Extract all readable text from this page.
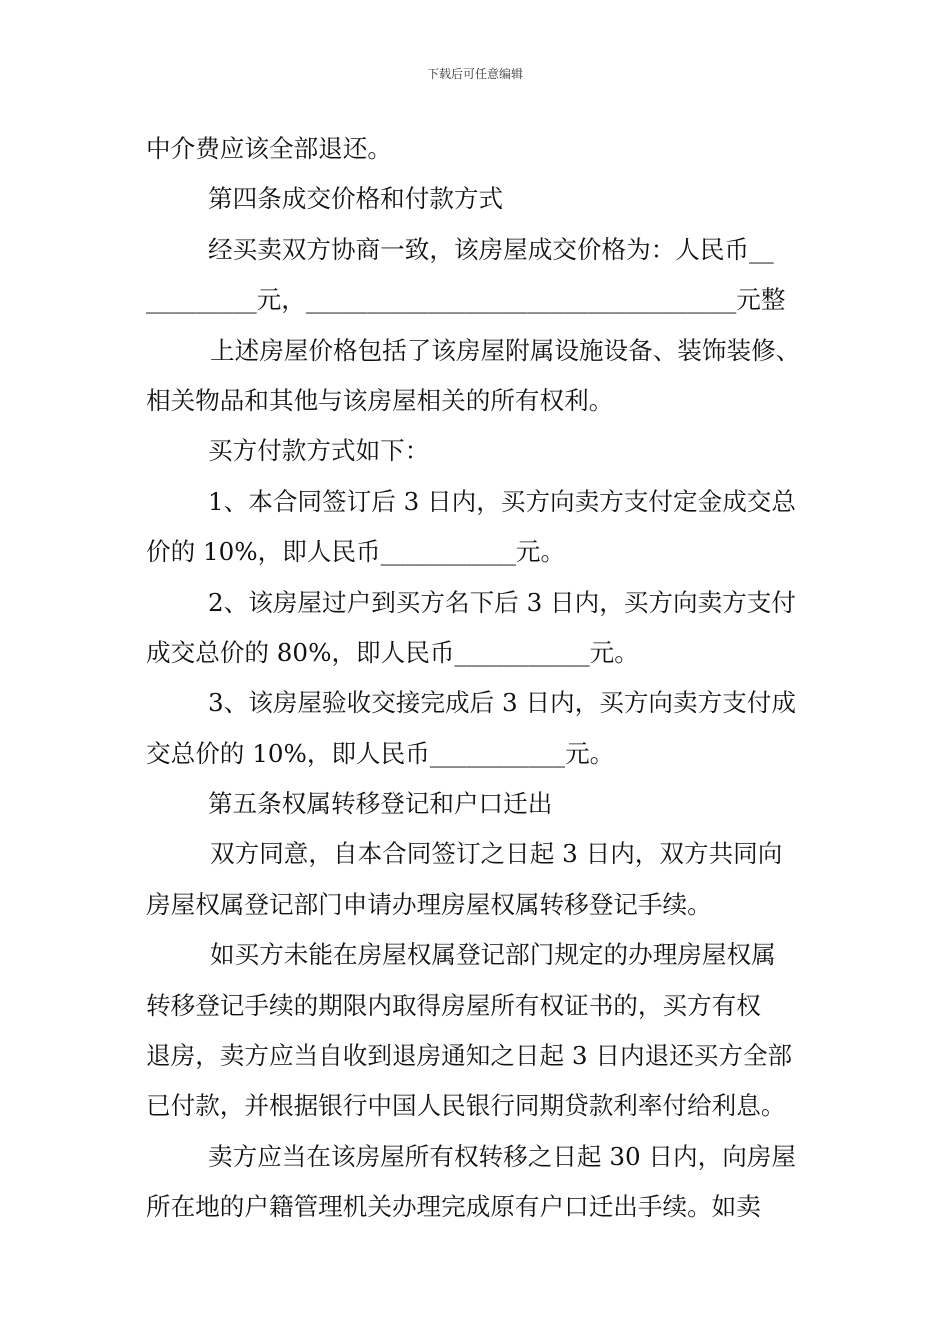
下载后可任意编辑
中介费应该全部退还。
第四条成交价格和付款方式
经买卖双方协商一致，该房屋成交价格为：人民币__
_________元，___________________________________元整
上述房屋价格包括了该房屋附属设施设备、装饰装修、
相关物品和其他与该房屋相关的所有权利。
买方付款方式如下：
1、本合同签订后 3 日内，买方向卖方支付定金成交总
价的 10%，即人民币___________元。
2、该房屋过户到买方名下后 3 日内，买方向卖方支付
成交总价的 80%，即人民币___________元。
3、该房屋验收交接完成后 3 日内，买方向卖方支付成
交总价的 10%，即人民币___________元。
第五条权属转移登记和户口迁出
双方同意，自本合同签订之日起 3 日内，双方共同向
房屋权属登记部门申请办理房屋权属转移登记手续。
如买方未能在房屋权属登记部门规定的办理房屋权属
转移登记手续的期限内取得房屋所有权证书的，买方有权
退房，卖方应当自收到退房通知之日起 3 日内退还买方全部
已付款，并根据银行中国人民银行同期贷款利率付给利息。
卖方应当在该房屋所有权转移之日起 30 日内，向房屋
所在地的户籍管理机关办理完成原有户口迁出手续。如卖
